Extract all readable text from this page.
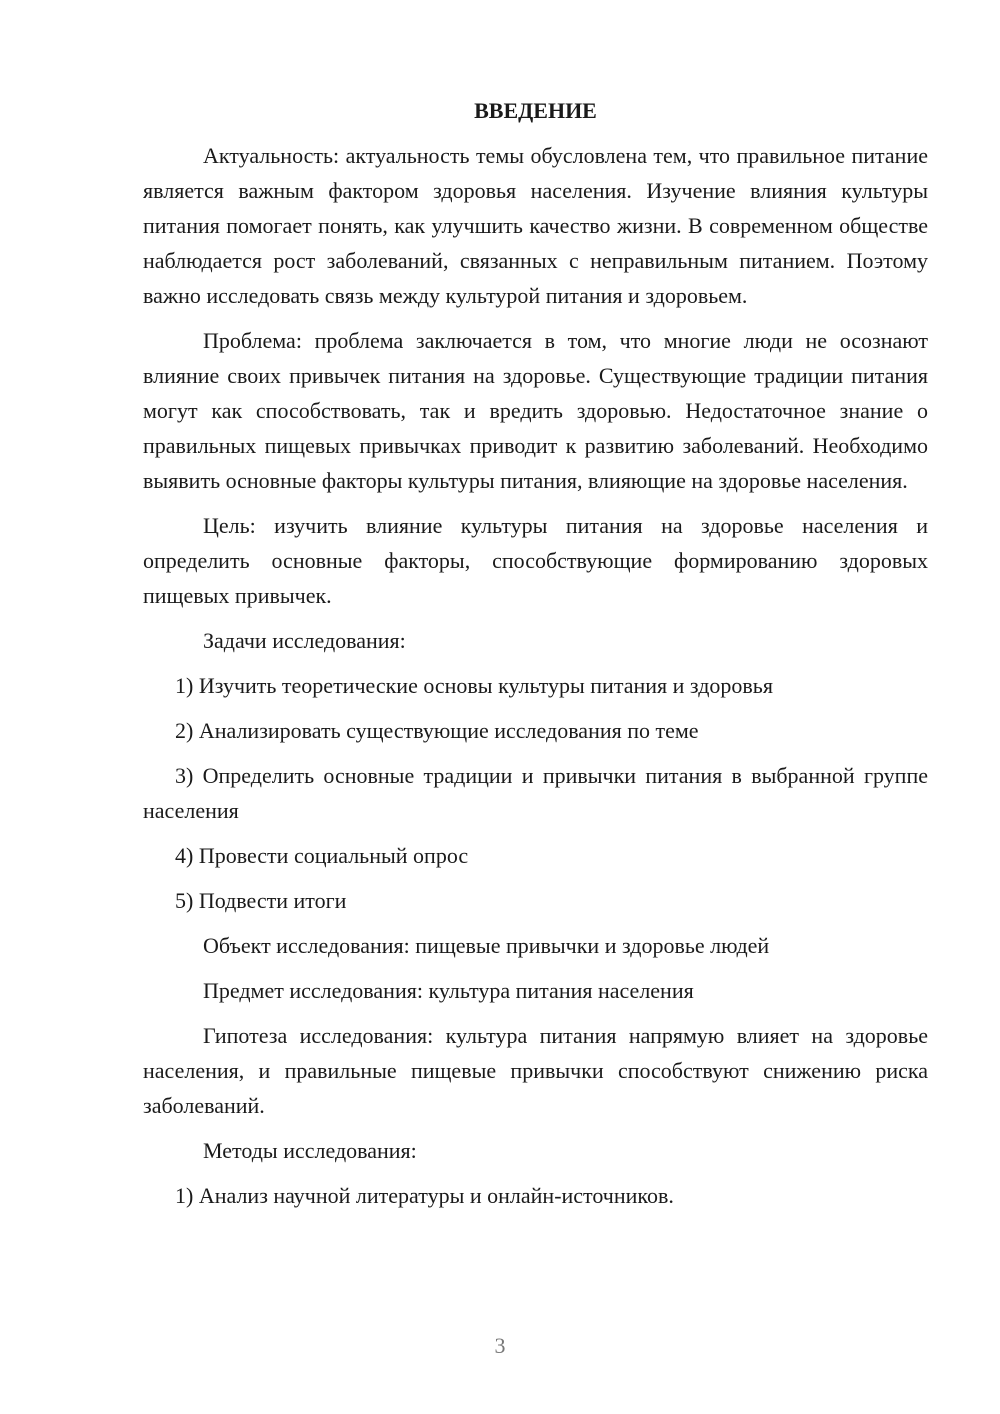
ВВЕДЕНИЕ

Актуальность: актуальность темы обусловлена тем, что правильное питание является важным фактором здоровья населения. Изучение влияния культуры питания помогает понять, как улучшить качество жизни. В современном обществе наблюдается рост заболеваний, связанных с неправильным питанием. Поэтому важно исследовать связь между культурой питания и здоровьем.

Проблема: проблема заключается в том, что многие люди не осознают влияние своих привычек питания на здоровье. Существующие традиции питания могут как способствовать, так и вредить здоровью. Недостаточное знание о правильных пищевых привычках приводит к развитию заболеваний. Необходимо выявить основные факторы культуры питания, влияющие на здоровье населения.

Цель: изучить влияние культуры питания на здоровье населения и определить основные факторы, способствующие формированию здоровых пищевых привычек.

Задачи исследования:

1) Изучить теоретические основы культуры питания и здоровья

2) Анализировать существующие исследования по теме

3) Определить основные традиции и привычки питания в выбранной группе населения

4) Провести социальный опрос

5) Подвести итоги

Объект исследования: пищевые привычки и здоровье людей

Предмет исследования: культура питания населения

Гипотеза исследования: культура питания напрямую влияет на здоровье населения, и правильные пищевые привычки способствуют снижению риска заболеваний.

Методы исследования:

1) Анализ научной литературы и онлайн-источников.

3
